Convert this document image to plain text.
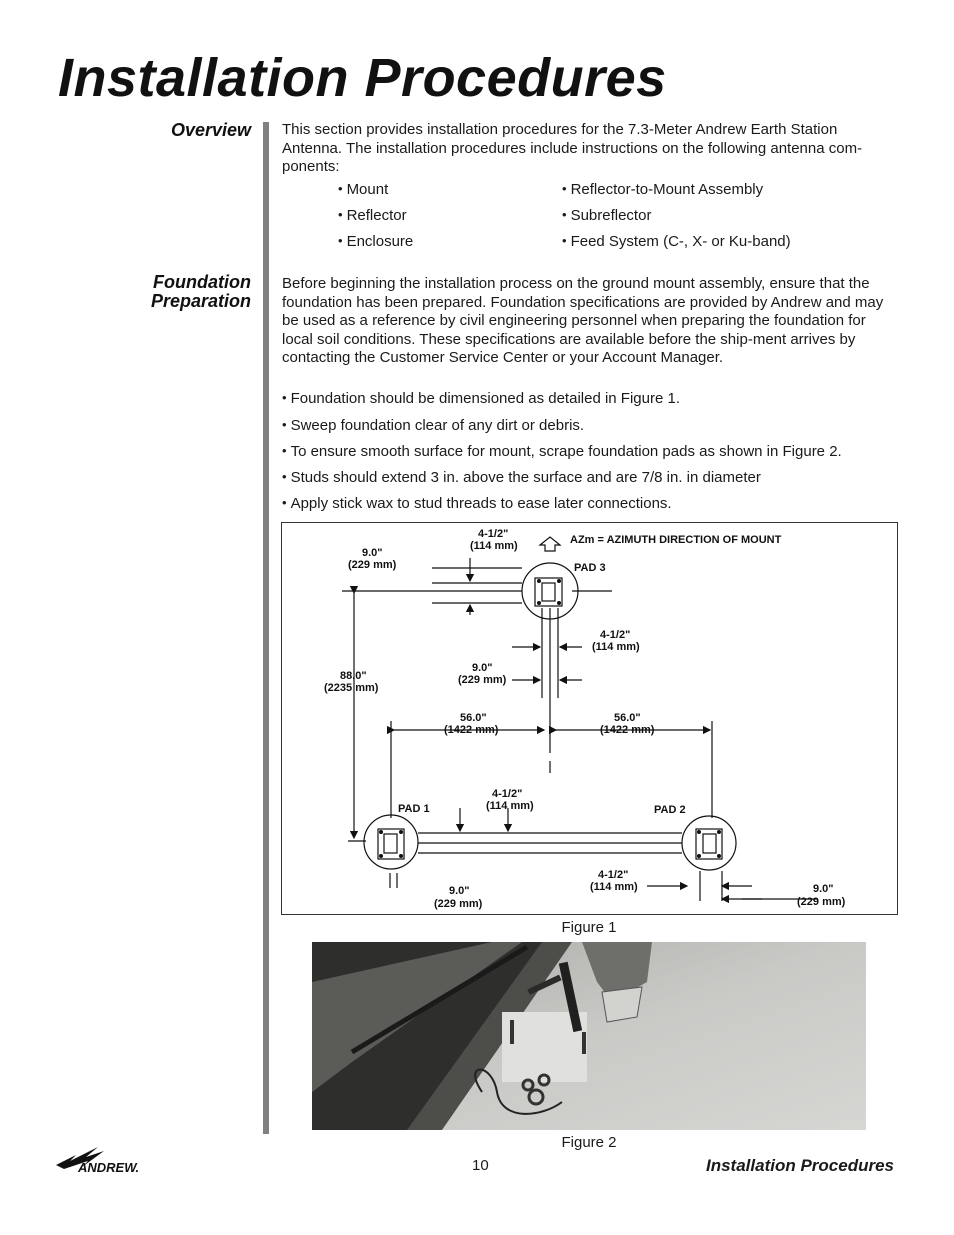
Installation Procedures
Overview This section provides installation procedures for the 7.3-Meter Andrew Earth Station Antenna. The installation procedures include instructions on the following antenna com-ponents:

• Mount
• Reflector
• Enclosure
• Reflector-to-Mount Assembly
• Subreflector
• Feed System (C-, X- or Ku-band)
Foundation
Preparation

Before beginning the installation process on the ground mount assembly, ensure that the foundation has been prepared. Foundation specifications are provided by Andrew and may be used as a reference by civil engineering personnel when preparing the foundation for local soil conditions. These specifications are available before the ship-ment arrives by contacting the Customer Service Center or your Account Manager.

• Foundation should be dimensioned as detailed in Figure 1.
• Sweep foundation clear of any dirt or debris.
• To ensure smooth surface for mount, scrape foundation pads as shown in Figure 2.
• Studs should extend 3 in. above the surface and are 7/8 in. in diameter
• Apply stick wax to stud threads to ease later connections.
AZm = AZIMUTH DIRECTION OF MOUNT
PAD 3
PAD 1	PAD 2
4-1/2"
(114 mm)
9.0"
(229 mm)
4-1/2"
(114 mm)
9.0"
(229 mm)
88.0"
(2235 mm)
56.0"
(1422 mm)
56.0"
(1422 mm)
4-1/2"
(114 mm)
9.0"
(229 mm)
4-1/2"
(114 mm)	9.0"
(229 mm)
Figure 1
Figure 2
ANDREW.	10	Installation Procedures
